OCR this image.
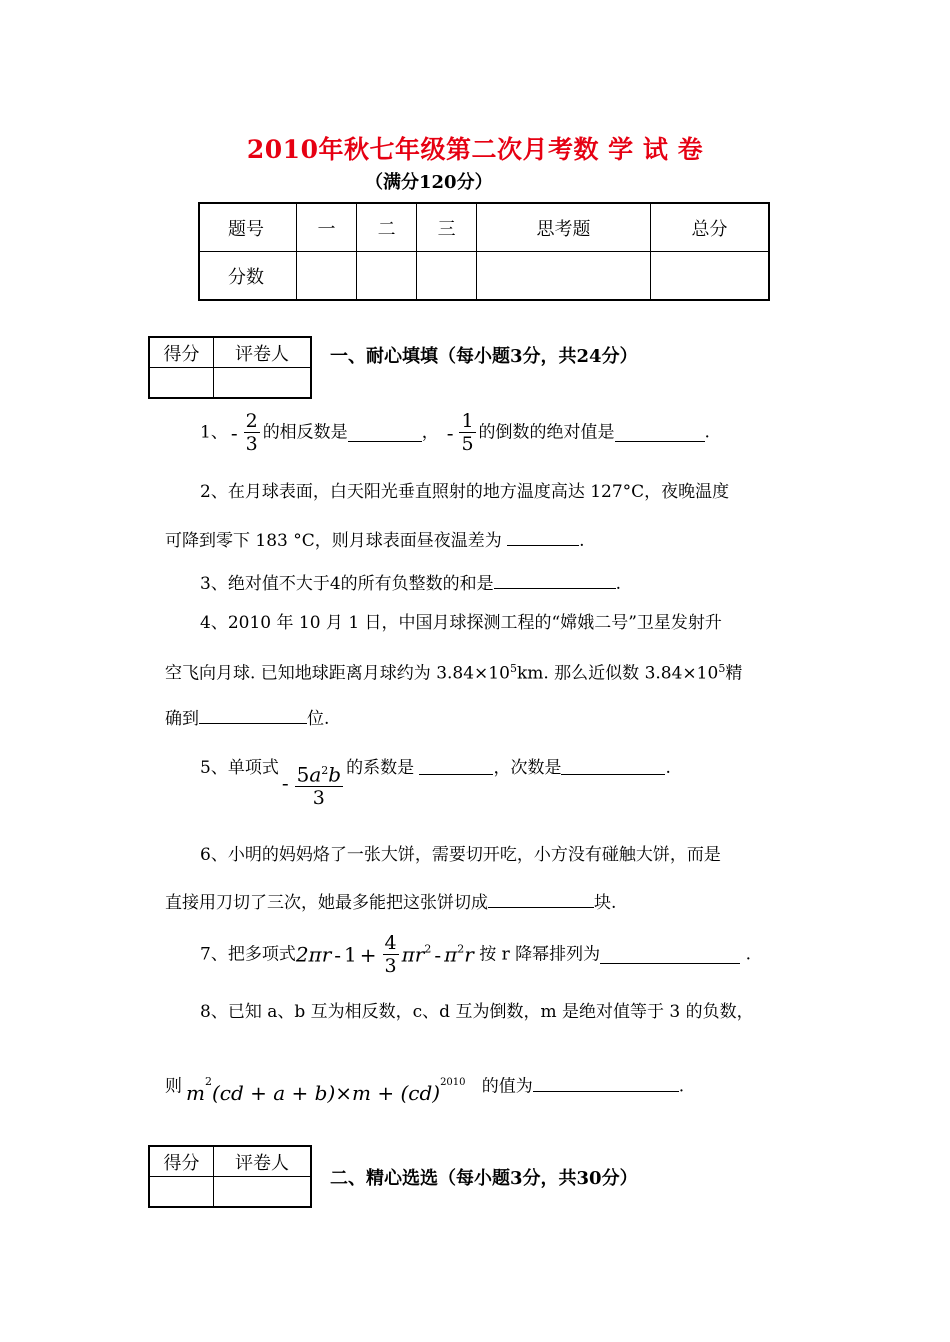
2010年秋七年级第二次月考数 学 试 卷
（满分120分）
题号	一	二	三	思考题	总分
分数					
得分	评卷人
	一、耐心填填（每小题3分，共24分）
1、 - $\frac{2}{3}$ 的相反数是	， - $\frac{1}{5}$ 的倒数的绝对值是	.
2、在月球表面，白天阳光垂直照射的地方温度高达 127°C，夜晚温度
可降到零下 183 °C，则月球表面昼夜温差为	.
3、绝对值不大于4的所有负整数的和是	.
4、2010 年 10 月 1 日，中国月球探测工程的“嫦娥二号”卫星发射升
空飞向月球. 已知地球距离月球约为 $3.84\times 10^5km$. 那么近似数 $3.84\times 10^5$精
确到	位.
5、单项式- $\frac{5a^2b}{3}$ 的系数是	，次数是	.
6、小明的妈妈烙了一张大饼，需要切开吃，小方没有碰触大饼，而是
直接用刀切了三次，她最多能把这张饼切成	块.
7、把多项式$2\pi r - 1 + \frac{4}{3} \pi r^2 - \pi^2r$ 按 r 降幂排列为	.
8、已知 a、b 互为相反数，c、d 互为倒数，m 是绝对值等于 3 的负数，
则 $m^2(cd + a + b)\times m + (cd)^{2010}$ 的值为	.
得分	评卷人

二、精心选选（每小题3分，共30分）
